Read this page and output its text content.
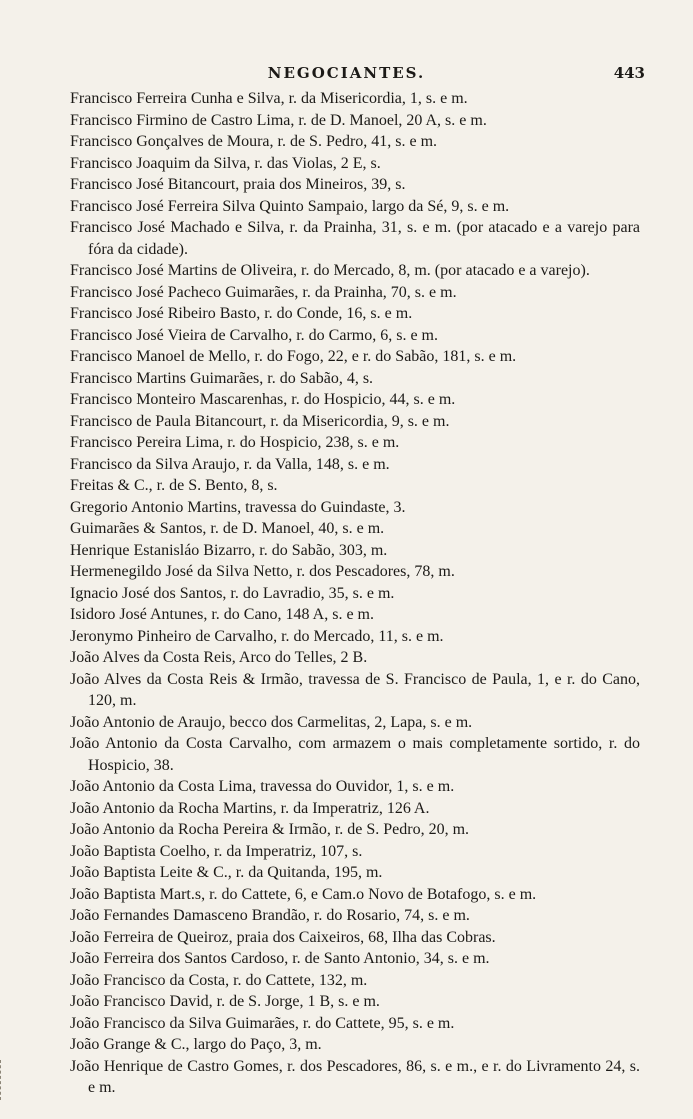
NEGOCIANTES.	443

Francisco Ferreira Cunha e Silva, r. da Misericordia, 1, s. e m.

Francisco Firmino de Castro Lima, r. de D. Manoel, 20 A, s. e m.

Francisco Gonçalves de Moura, r. de S. Pedro, 41, s. e m.

Francisco Joaquim da Silva, r. das Violas, 2 E, s.

Francisco José Bitancourt, praia dos Mineiros, 39, s.

Francisco José Ferreira Silva Quinto Sampaio, largo da Sé, 9, s. e m.

Francisco José Machado e Silva, r. da Prainha, 31, s. e m. (por atacado e a varejo para fóra da cidade).

Francisco José Martins de Oliveira, r. do Mercado, 8, m. (por atacado e a varejo).

Francisco José Pacheco Guimarães, r. da Prainha, 70, s. e m.

Francisco José Ribeiro Basto, r. do Conde, 16, s. e m.

Francisco José Vieira de Carvalho, r. do Carmo, 6, s. e m.

Francisco Manoel de Mello, r. do Fogo, 22, e r. do Sabão, 181, s. e m.

Francisco Martins Guimarães, r. do Sabão, 4, s.

Francisco Monteiro Mascarenhas, r. do Hospicio, 44, s. e m.

Francisco de Paula Bitancourt, r. da Misericordia, 9, s. e m.

Francisco Pereira Lima, r. do Hospicio, 238, s. e m.

Francisco da Silva Araujo, r. da Valla, 148, s. e m.

Freitas & C., r. de S. Bento, 8, s.

Gregorio Antonio Martins, travessa do Guindaste, 3.

Guimarães & Santos, r. de D. Manoel, 40, s. e m.

Henrique Estanisláo Bizarro, r. do Sabão, 303, m.

Hermenegildo José da Silva Netto, r. dos Pescadores, 78, m.

Ignacio José dos Santos, r. do Lavradio, 35, s. e m.

Isidoro José Antunes, r. do Cano, 148 A, s. e m.

Jeronymo Pinheiro de Carvalho, r. do Mercado, 11, s. e m.

João Alves da Costa Reis, Arco do Telles, 2 B.

João Alves da Costa Reis & Irmão, travessa de S. Francisco de Paula, 1, e r. do Cano, 120, m.

João Antonio de Araujo, becco dos Carmelitas, 2, Lapa, s. e m.

João Antonio da Costa Carvalho, com armazem o mais completamente sortido, r. do Hospicio, 38.

João Antonio da Costa Lima, travessa do Ouvidor, 1, s. e m.

João Antonio da Rocha Martins, r. da Imperatriz, 126 A.

João Antonio da Rocha Pereira & Irmão, r. de S. Pedro, 20, m.

João Baptista Coelho, r. da Imperatriz, 107, s.

João Baptista Leite & C., r. da Quitanda, 195, m.

João Baptista Mart.s, r. do Cattete, 6, e Cam.o Novo de Botafogo, s. e m.

João Fernandes Damasceno Brandão, r. do Rosario, 74, s. e m.

João Ferreira de Queiroz, praia dos Caixeiros, 68, Ilha das Cobras.

João Ferreira dos Santos Cardoso, r. de Santo Antonio, 34, s. e m.

João Francisco da Costa, r. do Cattete, 132, m.

João Francisco David, r. de S. Jorge, 1 B, s. e m.

João Francisco da Silva Guimarães, r. do Cattete, 95, s. e m.

João Grange & C., largo do Paço, 3, m.

João Henrique de Castro Gomes, r. dos Pescadores, 86, s. e m., e r. do Livramento 24, s. e m.
